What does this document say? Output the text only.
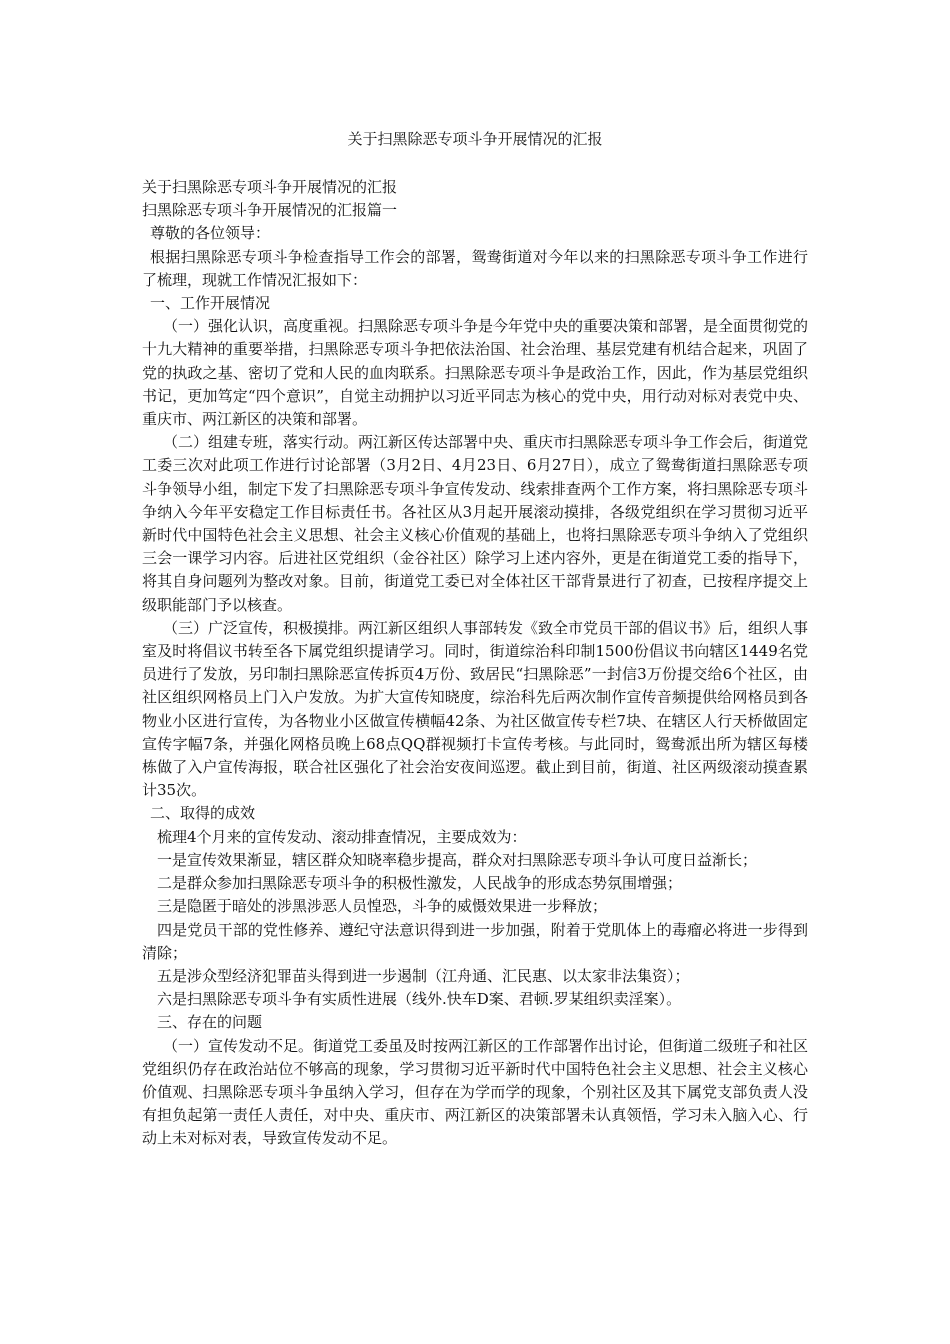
关于扫黑除恶专项斗争开展情况的汇报

关于扫黑除恶专项斗争开展情况的汇报

扫黑除恶专项斗争开展情况的汇报篇一

尊敬的各位领导：

根据扫黑除恶专项斗争检查指导工作会的部署，鸳鸯街道对今年以来的扫黑除恶专项斗争工作进行了梳理，现就工作情况汇报如下：

一、工作开展情况

（一）强化认识，高度重视。扫黑除恶专项斗争是今年党中央的重要决策和部署，是全面贯彻党的十九大精神的重要举措，扫黑除恶专项斗争把依法治国、社会治理、基层党建有机结合起来，巩固了党的执政之基、密切了党和人民的血肉联系。扫黑除恶专项斗争是政治工作，因此，作为基层党组织书记，更加笃定“四个意识”，自觉主动拥护以习近平同志为核心的党中央，用行动对标对表党中央、重庆市、两江新区的决策和部署。

（二）组建专班，落实行动。两江新区传达部署中央、重庆市扫黑除恶专项斗争工作会后，街道党工委三次对此项工作进行讨论部署（3月2日、4月23日、6月27日），成立了鸳鸯街道扫黑除恶专项斗争领导小组，制定下发了扫黑除恶专项斗争宣传发动、线索排查两个工作方案，将扫黑除恶专项斗争纳入今年平安稳定工作目标责任书。各社区从3月起开展滚动摸排，各级党组织在学习贯彻习近平新时代中国特色社会主义思想、社会主义核心价值观的基础上，也将扫黑除恶专项斗争纳入了党组织三会一课学习内容。后进社区党组织（金谷社区）除学习上述内容外，更是在街道党工委的指导下，将其自身问题列为整改对象。目前，街道党工委已对全体社区干部背景进行了初查，已按程序提交上级职能部门予以核查。

（三）广泛宣传，积极摸排。两江新区组织人事部转发《致全市党员干部的倡议书》后，组织人事室及时将倡议书转至各下属党组织提请学习。同时，街道综治科印制1500份倡议书向辖区1449名党员进行了发放，另印制扫黑除恶宣传拆页4万份、致居民“扫黑除恶”一封信3万份提交给6个社区，由社区组织网格员上门入户发放。为扩大宣传知晓度，综治科先后两次制作宣传音频提供给网格员到各物业小区进行宣传，为各物业小区做宣传横幅42条、为社区做宣传专栏7块、在辖区人行天桥做固定宣传字幅7条，并强化网格员晚上68点QQ群视频打卡宣传考核。与此同时，鸳鸯派出所为辖区每楼栋做了入户宣传海报，联合社区强化了社会治安夜间巡逻。截止到目前，街道、社区两级滚动摸查累计35次。

二、取得的成效

梳理4个月来的宣传发动、滚动排查情况，主要成效为：

一是宣传效果渐显，辖区群众知晓率稳步提高，群众对扫黑除恶专项斗争认可度日益渐长；

二是群众参加扫黑除恶专项斗争的积极性激发，人民战争的形成态势氛围增强；

三是隐匿于暗处的涉黑涉恶人员惶恐，斗争的威慑效果进一步释放；

四是党员干部的党性修养、遵纪守法意识得到进一步加强，附着于党肌体上的毒瘤必将进一步得到清除；

五是涉众型经济犯罪苗头得到进一步遏制（江舟通、汇民惠、以太家非法集资）；

六是扫黑除恶专项斗争有实质性进展（线外.快车D案、君顿.罗某组织卖淫案）。

三、存在的问题

（一）宣传发动不足。街道党工委虽及时按两江新区的工作部署作出讨论，但街道二级班子和社区党组织仍存在政治站位不够高的现象，学习贯彻习近平新时代中国特色社会主义思想、社会主义核心价值观、扫黑除恶专项斗争虽纳入学习，但存在为学而学的现象，个别社区及其下属党支部负责人没有担负起第一责任人责任，对中央、重庆市、两江新区的决策部署未认真领悟，学习未入脑入心、行动上未对标对表，导致宣传发动不足。
